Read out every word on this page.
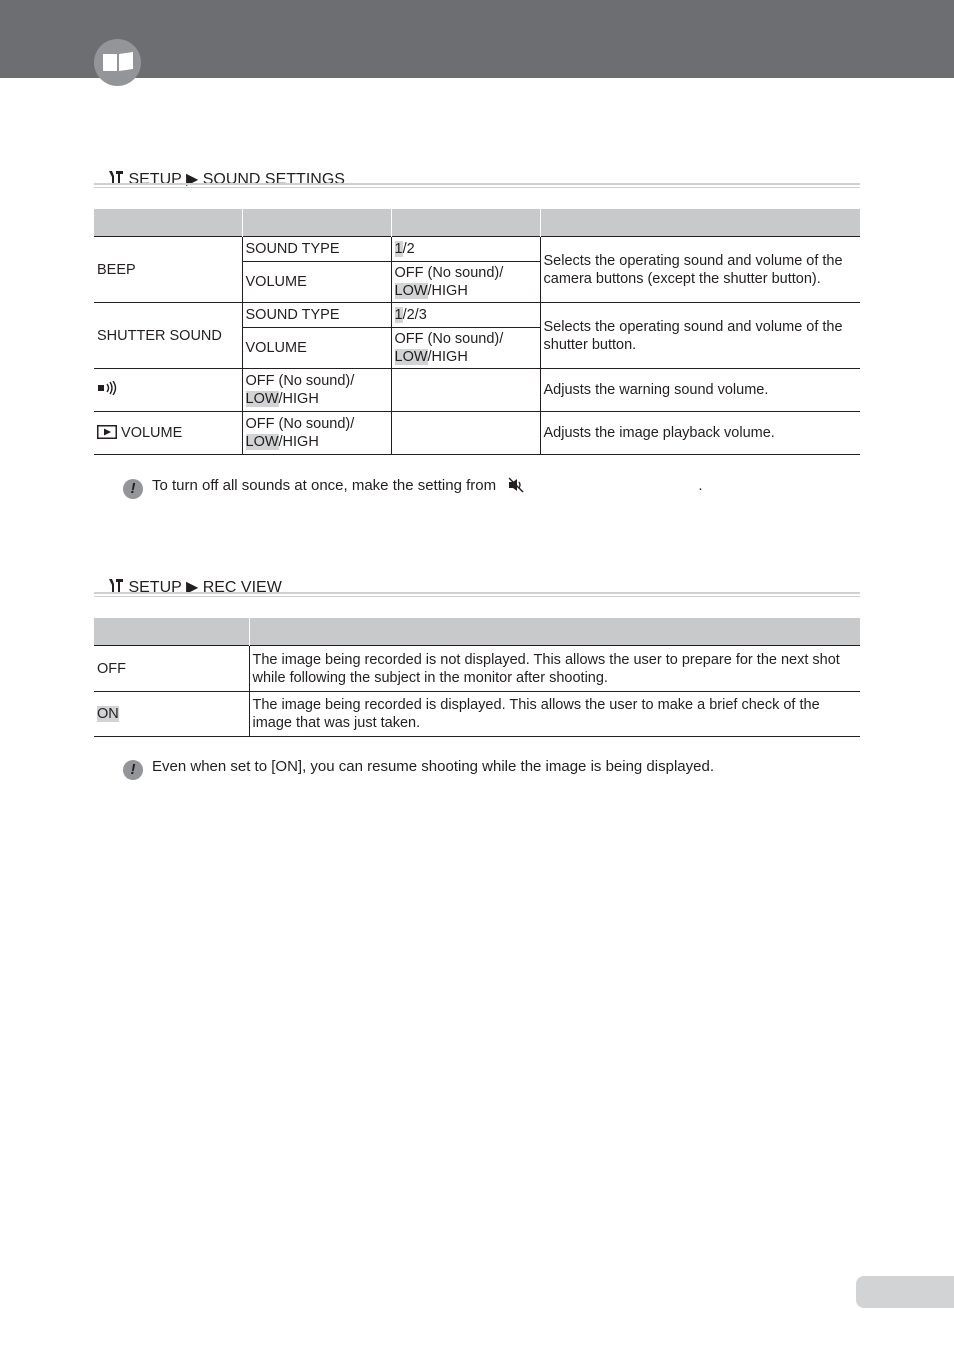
SETUP ▶ SOUND SETTINGS

BEEP	SOUND TYPE	1/2	Selects the operating sound and volume of the camera buttons (except the shutter button).
	VOLUME	OFF (No sound)/
LOW/HIGH	
SHUTTER SOUND	SOUND TYPE	1/2/3	Selects the operating sound and volume of the shutter button.
	VOLUME	OFF (No sound)/
LOW/HIGH	
	OFF (No sound)/
LOW/HIGH		Adjusts the warning sound volume.
VOLUME	OFF (No sound)/
LOW/HIGH		Adjusts the image playback volume.
! To turn off all sounds at once, make the setting from	.
SETUP ▶ REC VIEW

OFF	The image being recorded is not displayed. This allows the user to prepare for the next shot while following the subject in the monitor after shooting.
ON	The image being recorded is displayed. This allows the user to make a brief check of the image that was just taken.
! Even when set to [ON], you can resume shooting while the image is being displayed.
